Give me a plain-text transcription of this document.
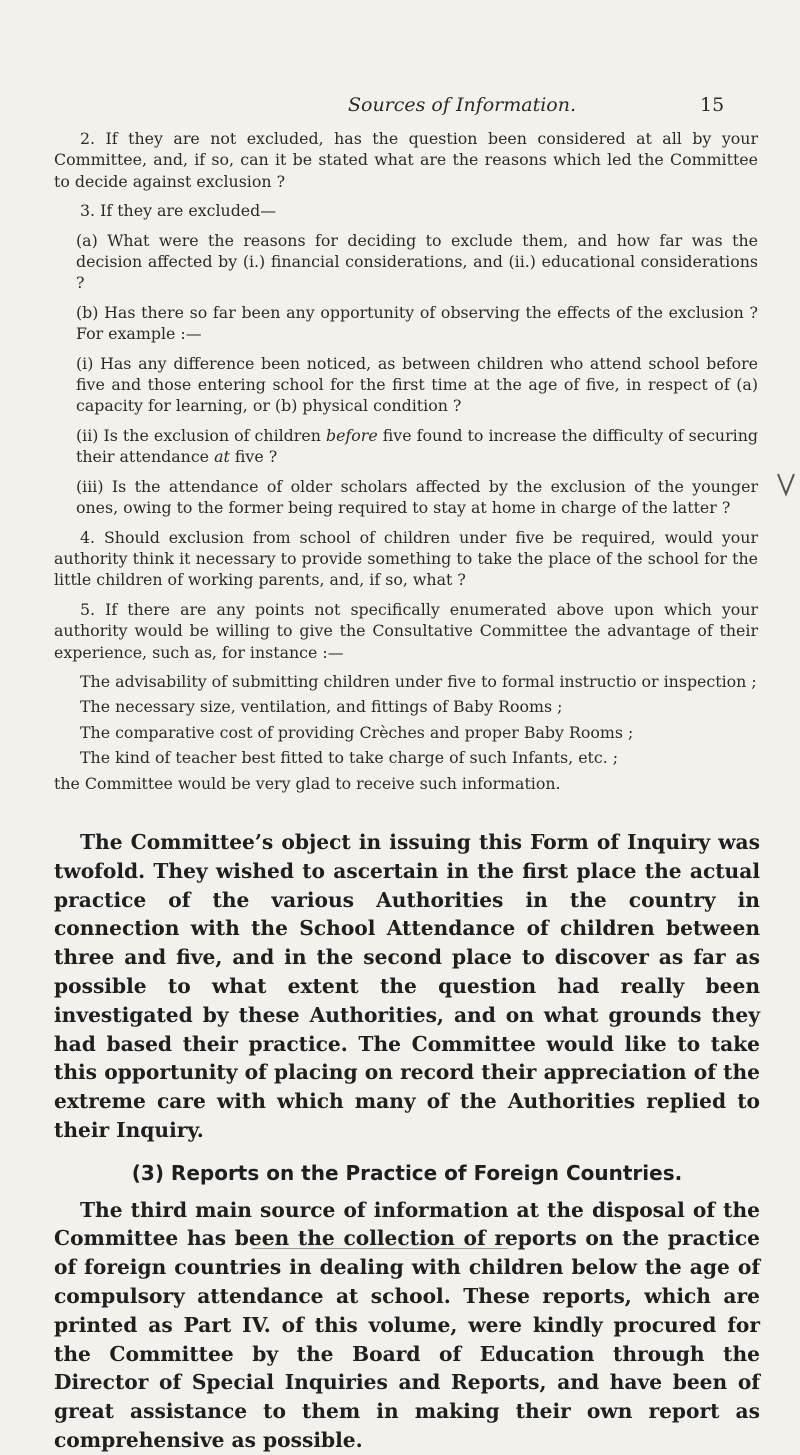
Sources of Information.	15

2. If they are not excluded, has the question been considered at all by your Committee, and, if so, can it be stated what are the reasons which led the Committee to decide against exclusion ?

3. If they are excluded—

(a) What were the reasons for deciding to exclude them, and how far was the decision affected by (i.) financial considerations, and (ii.) educational considerations ?

(b) Has there so far been any opportunity of observing the effects of the exclusion ? For example :—

(i) Has any difference been noticed, as between children who attend school before five and those entering school for the first time at the age of five, in respect of (a) capacity for learning, or (b) physical condition ?

(ii) Is the exclusion of children before five found to increase the difficulty of securing their attendance at five ?

(iii) Is the attendance of older scholars affected by the exclusion of the younger ones, owing to the former being required to stay at home in charge of the latter ?

4. Should exclusion from school of children under five be required, would your authority think it necessary to provide something to take the place of the school for the little children of working parents, and, if so, what ?

5. If there are any points not specifically enumerated above upon which your authority would be willing to give the Consultative Committee the advantage of their experience, such as, for instance :—

The advisability of submitting children under five to formal instructio or inspection ;

The necessary size, ventilation, and fittings of Baby Rooms ;

The comparative cost of providing Crèches and proper Baby Rooms ;

The kind of teacher best fitted to take charge of such Infants, etc. ;

the Committee would be very glad to receive such information.

The Committee’s object in issuing this Form of Inquiry was twofold. They wished to ascertain in the first place the actual practice of the various Authorities in the country in connection with the School Attendance of children between three and five, and in the second place to discover as far as possible to what extent the question had really been investigated by these Authorities, and on what grounds they had based their practice. The Committee would like to take this opportunity of placing on record their appreciation of the extreme care with which many of the Authorities replied to their Inquiry.

(3) Reports on the Practice of Foreign Countries.

The third main source of information at the disposal of the Committee has been the collection of reports on the practice of foreign countries in dealing with children below the age of compulsory attendance at school. These reports, which are printed as Part IV. of this volume, were kindly procured for the Committee by the Board of Education through the Director of Special Inquiries and Reports, and have been of great assistance to them in making their own report as comprehensive as possible.
